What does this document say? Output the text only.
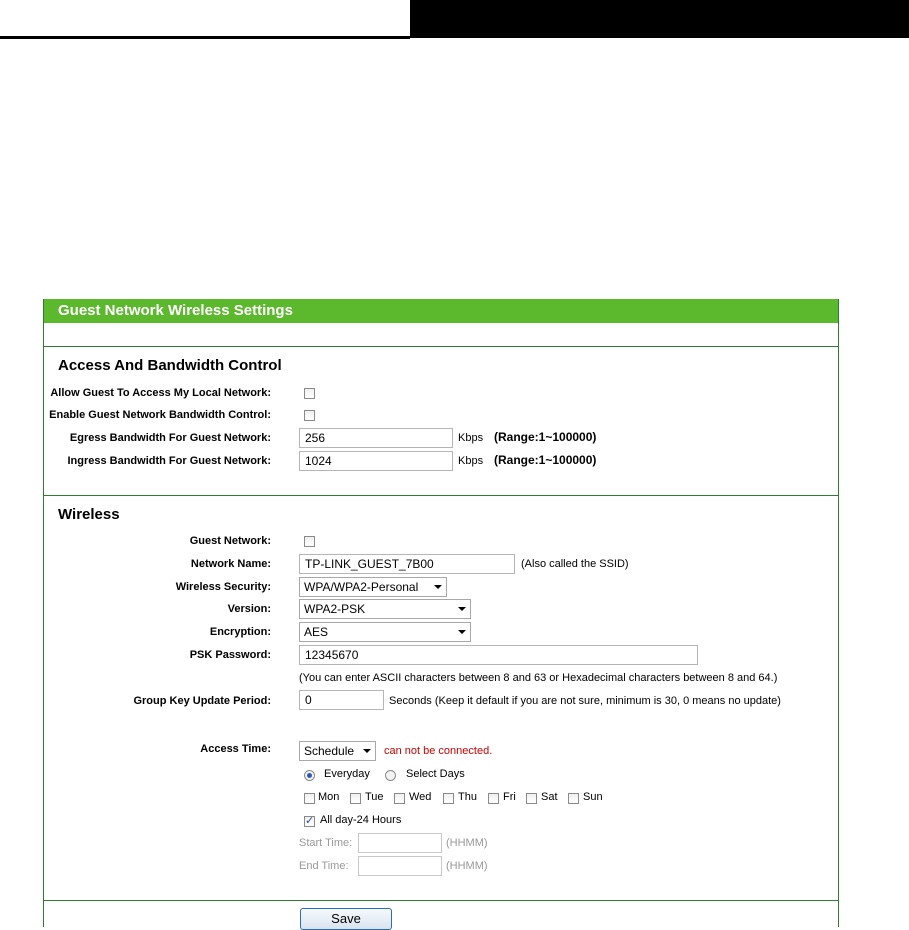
Guest Network Wireless Settings
Access And Bandwidth Control
Allow Guest To Access My Local Network:
Enable Guest Network Bandwidth Control:
Egress Bandwidth For Guest Network:	256	Kbps (Range:1~100000)
Ingress Bandwidth For Guest Network:	1024	Kbps (Range:1~100000)
Wireless
Guest Network:
Network Name:	TP-LINK_GUEST_7B00	(Also called the SSID)
Wireless Security:	WPA/WPA2-Personal
Version:	WPA2-PSK
Encryption:	AES
PSK Password:	12345670
(You can enter ASCII characters between 8 and 63 or Hexadecimal characters between 8 and 64.)
Group Key Update Period:	0	Seconds (Keep it default if you are not sure, minimum is 30, 0 means no update)
Access Time:	Schedule	can not be connected.
Everyday	Select Days
Mon Tue Wed Thu Fri Sat Sun
✓
All day-24 Hours
Start Time:	(HHMM)
End Time:	(HHMM)
Save
